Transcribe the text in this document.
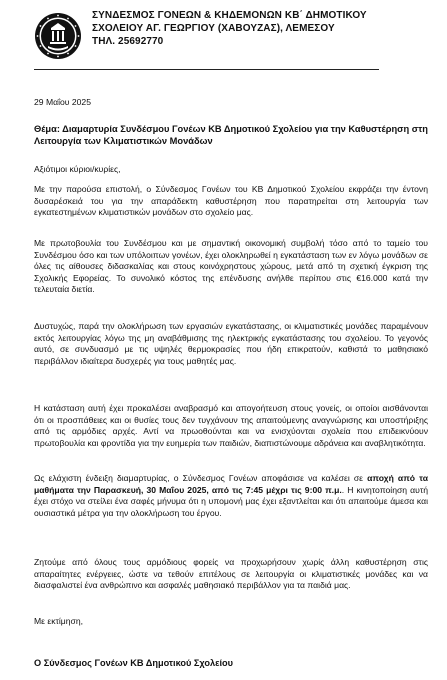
ΣΥΝΔΕΣΜΟΣ ΓΟΝΕΩΝ & ΚΗΔΕΜΟΝΩΝ ΚΒ΄ ΔΗΜΟΤΙΚΟΥ
ΣΧΟΛΕΙΟΥ ΑΓ. ΓΕΩΡΓΙΟΥ (ΧΑΒΟΥΖΑΣ), ΛΕΜΕΣΟΥ
ΤΗΛ. 25692770
29 Μαΐου 2025
Θέμα: Διαμαρτυρία Συνδέσμου Γονέων ΚΒ Δημοτικού Σχολείου για την Καθυστέρηση στη Λειτουργία των Κλιματιστικών Μονάδων
Αξιότιμοι κύριοι/κυρίες,
Με την παρούσα επιστολή, ο Σύνδεσμος Γονέων του ΚΒ Δημοτικού Σχολείου εκφράζει την έντονη δυσαρέσκειά του για την απαράδεκτη καθυστέρηση που παρατηρείται στη λειτουργία των εγκατεστημένων κλιματιστικών μονάδων στο σχολείο μας.
Με πρωτοβουλία του Συνδέσμου και με σημαντική οικονομική συμβολή τόσο από το ταμείο του Συνδέσμου όσο και των υπόλοιπων γονέων, έχει ολοκληρωθεί η εγκατάσταση των εν λόγω μονάδων σε όλες τις αίθουσες διδασκαλίας και στους κοινόχρηστους χώρους, μετά από τη σχετική έγκριση της Σχολικής Εφορείας. Το συνολικό κόστος της επένδυσης ανήλθε περίπου στις €16.000 κατά την τελευταία διετία.
Δυστυχώς, παρά την ολοκλήρωση των εργασιών εγκατάστασης, οι κλιματιστικές μονάδες παραμένουν εκτός λειτουργίας λόγω της μη αναβάθμισης της ηλεκτρικής εγκατάστασης του σχολείου. Το γεγονός αυτό, σε συνδυασμό με τις υψηλές θερμοκρασίες που ήδη επικρατούν, καθιστά το μαθησιακό περιβάλλον ιδιαίτερα δυσχερές για τους μαθητές μας.
Η κατάσταση αυτή έχει προκαλέσει αναβρασμό και απογοήτευση στους γονείς, οι οποίοι αισθάνονται ότι οι προσπάθειες και οι θυσίες τους δεν τυγχάνουν της απαιτούμενης αναγνώρισης και υποστήριξης από τις αρμόδιες αρχές. Αντί να πρωοθούνται και να ενισχύονται σχολεία που επιδεικνύουν πρωτοβουλία και φροντίδα για την ευημερία των παιδιών, διαπιστώνουμε αδράνεια και αναβλητικότητα.
Ως ελάχιστη ένδειξη διαμαρτυρίας, ο Σύνδεσμος Γονέων αποφάσισε να καλέσει σε αποχή από τα μαθήματα την Παρασκευή, 30 Μαΐου 2025, από τις 7:45 μέχρι τις 9:00 π.μ.. Η κινητοποίηση αυτή έχει στόχο να στείλει ένα σαφές μήνυμα ότι η υπομονή μας έχει εξαντλείται και ότι απαιτούμε άμεσα και ουσιαστικά μέτρα για την ολοκλήρωση του έργου.
Ζητούμε από όλους τους αρμόδιους φορείς να προχωρήσουν χωρίς άλλη καθυστέρηση στις απαραίτητες ενέργειες, ώστε να τεθούν επιτέλους σε λειτουργία οι κλιματιστικές μονάδες και να διασφαλιστεί ένα ανθρώπινο και ασφαλές μαθησιακό περιβάλλον για τα παιδιά μας.
Με εκτίμηση,
Ο Σύνδεσμος Γονέων ΚΒ Δημοτικού Σχολείου
